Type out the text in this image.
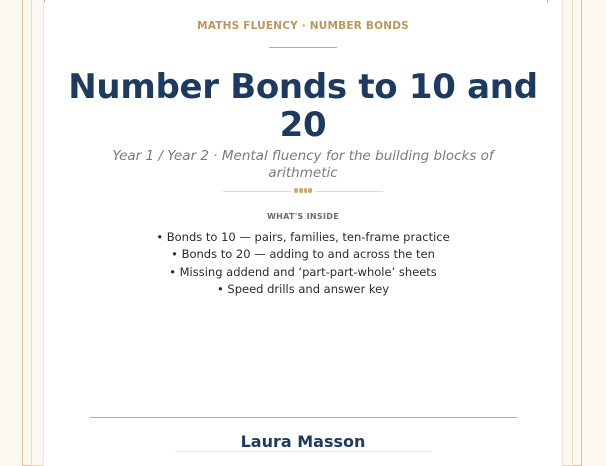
MATHS FLUENCY · NUMBER BONDS
Number Bonds to 10 and 20
Year 1 / Year 2 · Mental fluency for the building blocks of arithmetic
WHAT'S INSIDE
• Bonds to 10 — pairs, families, ten-frame practice
• Bonds to 20 — adding to and across the ten
• Missing addend and ‘part-part-whole’ sheets
• Speed drills and answer key
Laura Masson
